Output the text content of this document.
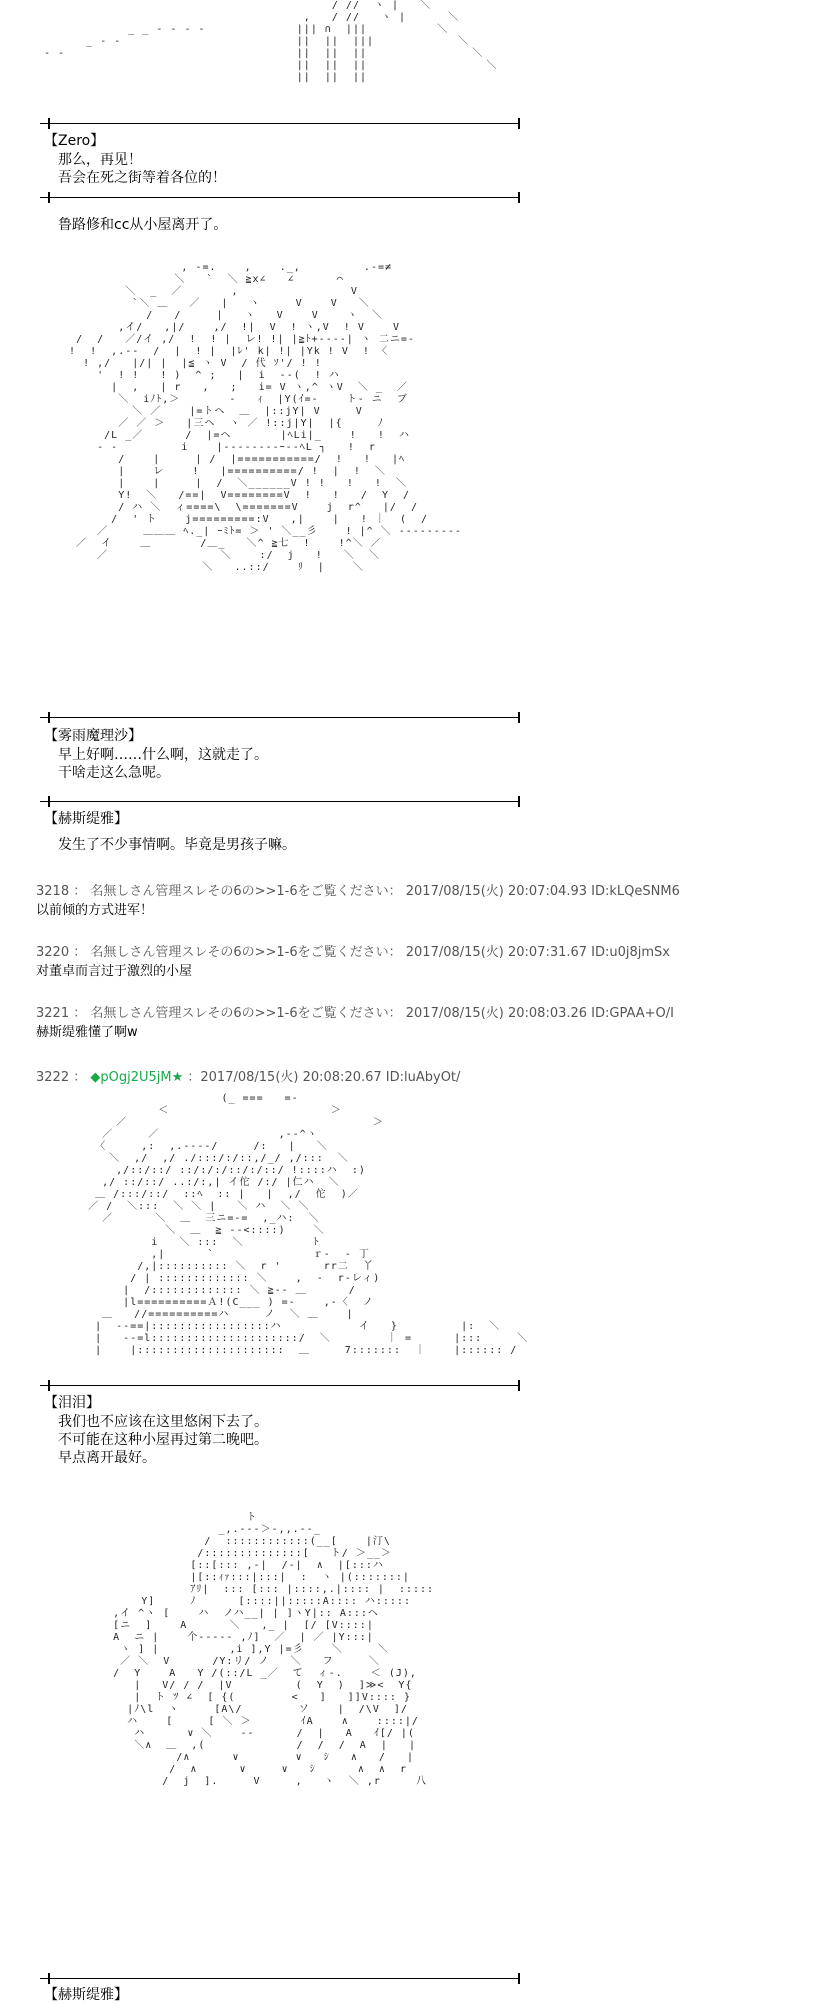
/ //  ヽ |   ＼
,   / //   ヽ |      ＼
_ _ ‐ ‐ ‐ ‐             ||| ∩  |||          ＼
_ ‐ ‐                         ||  ||  |||            ＼
‐ ‐                                 ||  ||  ||               ＼
||  ||  ||                 ＼
||  ||  ||
【Zero】
那么，再见！
吾会在死之街等着各位的！
鲁路修和cc从小屋离开了。
, -=.    ,    ._,         .-=≠
＼   `  ＼ ≧x∠   ∠      ⌒
＼  _  ／       ,                V
`＼ ＿   ／   |   ヽ     V    V   ＼
/   /     |   ヽ   V    V    ヽ  ＼
,イ/   ,|/    ,/  !|  V  ! ヽ,V  ! V    V
/  /   ／/イ ,/  !  ! |  レ! !| |≧ﾄ+‐‐‐‐| ヽ 二ニ=‐
!  !  ,.-‐  /  |  ! |  |ﾚ' k| !| |Yk ! V  ! 〈
! ,/   |/| |  |≦ ヽ V  / 代 ｿ'/ ! !
'  ! !   ! )  ^ ;   |  i  -‐(  ! ハ
|  ,   | r   ,   ;   i= V ヽ,^ ヽV  ＼ _  ／
＼  iﾉﾄ,＞       -   ｨ  |Y(ｲ=-    ト- ニ  ブ
＼ ／    |=トヘ  ＿  |::jY| V     V
／ ／ ＞   |三ヘ  ヽ ／ !::j|Y|  |{     ﾉ
/L _／      /  |=ヘ       |ﾍLi|_    !   !  ハ
‐ ‐         i    |‐‐‐‐‐‐‐‐ｰ-‐ﾍL ┐   !  r
/    |     | /  |===========/  !   !   |ﾍ
|    レ    !   |==========/ !  |  !  ＼
|    |     |  /  ＼______V ! !   !   !  ＼
Y!  ＼   /==|  V========V  !   !   /  Y  /
/ ハ ＼  ィ====\  \=======V    j  r^   |/  /
/  ' ト    j=========:V   ,|    |   ! ｜  (  /
／     ＿＿＿ ﾍ._| ｰﾐﾄ= ＞ ' ＼__彡    ! |^ ＼ ‐‐‐‐‐‐‐‐‐
／  イ    ＿       /＿_   ＼^ ≧七  !    !^＼ ／
／                ＼    :/  j   !   ＼  ＼
＼   ..::/    ﾘ  |    ＼
【雾雨魔理沙】
早上好啊……什么啊，这就走了。
干啥走这么急呢。
【赫斯缇雅】
发生了不少事情啊。毕竟是男孩子嘛。
3218 ： 名無しさん管理スレその6の>>1-6をご覧ください： 2017/08/15(火) 20:07:04.93 ID:kLQeSNM6
以前倾的方式进军！
3220 ： 名無しさん管理スレその6の>>1-6をご覧ください： 2017/08/15(火) 20:07:31.67 ID:u0j8jmSx
对董卓而言过于激烈的小屋
3221 ： 名無しさん管理スレその6の>>1-6をご覧ください： 2017/08/15(火) 20:08:03.26 ID:GPAA+O/I
赫斯缇雅懂了啊w
3222 ： ◆pOgj2U5jM★ ：2017/08/15(火) 20:08:20.67 ID:luAbyOt/
(_ ===   =-
＜                       ＞
／                                   ＞
／     ／                 ,-‐^ヽ
〈     ,:  ,.‐‐‐‐/     /:   |   ＼
＼  ,/  ,/ ./:::/:/::,/_/ ,/:::  ＼
,/::/::/ ::/:/:/::/:/::/ !::::ハ  :)
,/ ::/::/ ..:/:,| イ佗 /:/ |仁ハ  ＼
＿ /:::/::/  ::ﾍ  :: |   |  ,/  佗  )／
／ /  ＼:::  ＼ ＼ |   ＼ ハ  ＼ ＼
／      ＼  ＿  三ニ=‐=  ,_ハ:  ＼
＼  ＿  ≧ ‐‐<::::)    ＼
i   ＼ :::  ＼          ﾄ
,|      `              ｒ-  ‐ 丁
/,|:::::::::: ＼  r '      rr二  丫
/ | ::::::::::::: ＼    ,  ‐  r‐レィ)
|  /::::::::::::: ＼ ≧-- ＿      /
|l==========Ａ!(C___ ) =-    ,-〈  ノ
＿   //==========ハ     ノ  ＼ ＿    |
|  ‐‐==|:::::::::::::::::ハ           イ   }         |:  ＼
|   --=l:::::::::::::::::::::/  ＼        ｜ =      |:::     ＼
|    |:::::::::::::::::::::  ＿     7:::::::  ｜    |:::::: /
【泪泪】
我们也不应该在这里悠闲下去了。
不可能在这种小屋再过第二晚吧。
早点离开最好。
ト
_,.-‐‐＞-,,.-‐_
/  ::::::::::::(__[    |汀\
/::::::::::::::[   ト/ ＞__＞
[::[::: ,-|  /-|  ∧  |[:::ハ
|[::ｨｧ:::|:::|  :  ヽ |(:::::::|
ｱﾘ|  ::: [::: |::::,.|:::: |  :::::
Y]     ﾉ      [::::||:::::A:::: ハ:::::
,イ ^ヽ [    ハ  ノハ__| | ]ヽY|:: A:::ヘ
[ニ  ]    A      ＼   ,_ |  [/ [V::::|
A  ニ |    个‐‐‐‐‐ ,ﾉ]  ／  | ／ |Y:::|
ヽ ] |          ,i ],Y |=彡    ＼     ＼
／ ＼  V      /Y:リ/ ノ   ＼   フ     ＼
/  Y    A   Y /(::/L _／  て  ィ-.    ＜ (J),
|   V/ / /  |V         (  Y  )  ]≫<  Y{
|  ト ﾂ ∠  [ {(        <   ]   ]]V:::: }
|ﾉ\l  ヽ     [A\/        ソ    |  /\V  ]/
ハ    [     [ ＼ ＞       ｲA    ∧    ::::|/
ハ      ∨ ＼    ‐‐      /  |   A   ｲ[/ |(
＼∧  ＿  ,(             /  /  /  A  |   |
/∧      ∨        ∨   ｼ   ∧   /   |
/  ∧      ∨     ∨   ｼ      ∧  ∧  r
/  j  ].     V     ,   ヽ  ＼ ,r     八
【赫斯缇雅】
